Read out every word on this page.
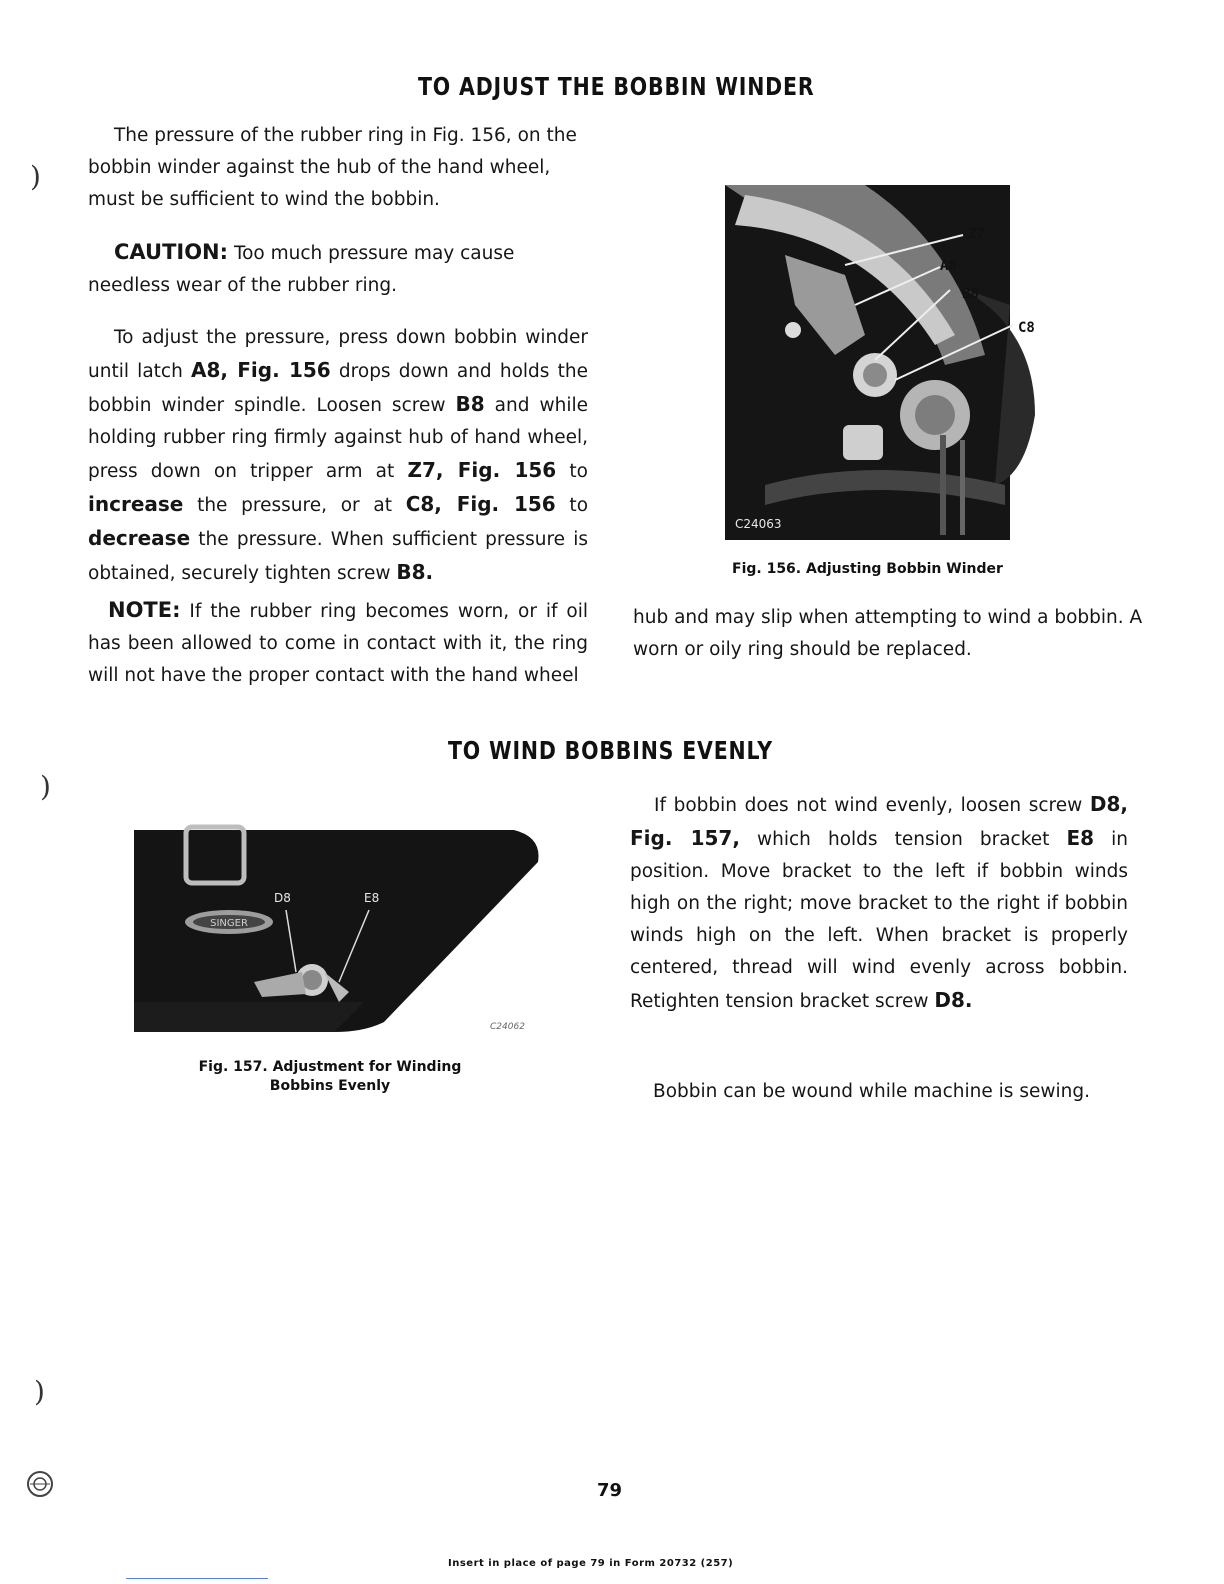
)
)
)
TO ADJUST THE BOBBIN WINDER

The pressure of the rubber ring in Fig. 156, on the bobbin winder against the hub of the hand wheel, must be sufficient to wind the bobbin.

CAUTION: Too much pressure may cause needless wear of the rubber ring.

To adjust the pressure, press down bobbin winder until latch A8, Fig. 156 drops down and holds the bobbin winder spindle. Loosen screw B8 and while holding rubber ring firmly against hub of hand wheel, press down on tripper arm at Z7, Fig. 156 to increase the pressure, or at C8, Fig. 156 to decrease the pressure. When sufficient pressure is obtained, securely tighten screw B8.

NOTE: If the rubber ring becomes worn, or if oil has been allowed to come in contact with it, the ring will not have the proper contact with the hand wheel

hub and may slip when attempting to wind a bobbin. A worn or oily ring should be replaced.

C24063
Z7
A8
B8
C8
Fig. 156. Adjusting Bobbin Winder
TO WIND BOBBINS EVENLY
SINGER
D8	E8
C24062
Fig. 157. Adjustment for Winding
Bobbins Evenly

If bobbin does not wind evenly, loosen screw D8, Fig. 157, which holds tension bracket E8 in position. Move bracket to the left if bobbin winds high on the right; move bracket to the right if bobbin winds high on the left. When bracket is properly centered, thread will wind evenly across bobbin. Retighten tension bracket screw D8.

Bobbin can be wound while machine is sewing.
79
Insert in place of page 79 in Form 20732 (257)
